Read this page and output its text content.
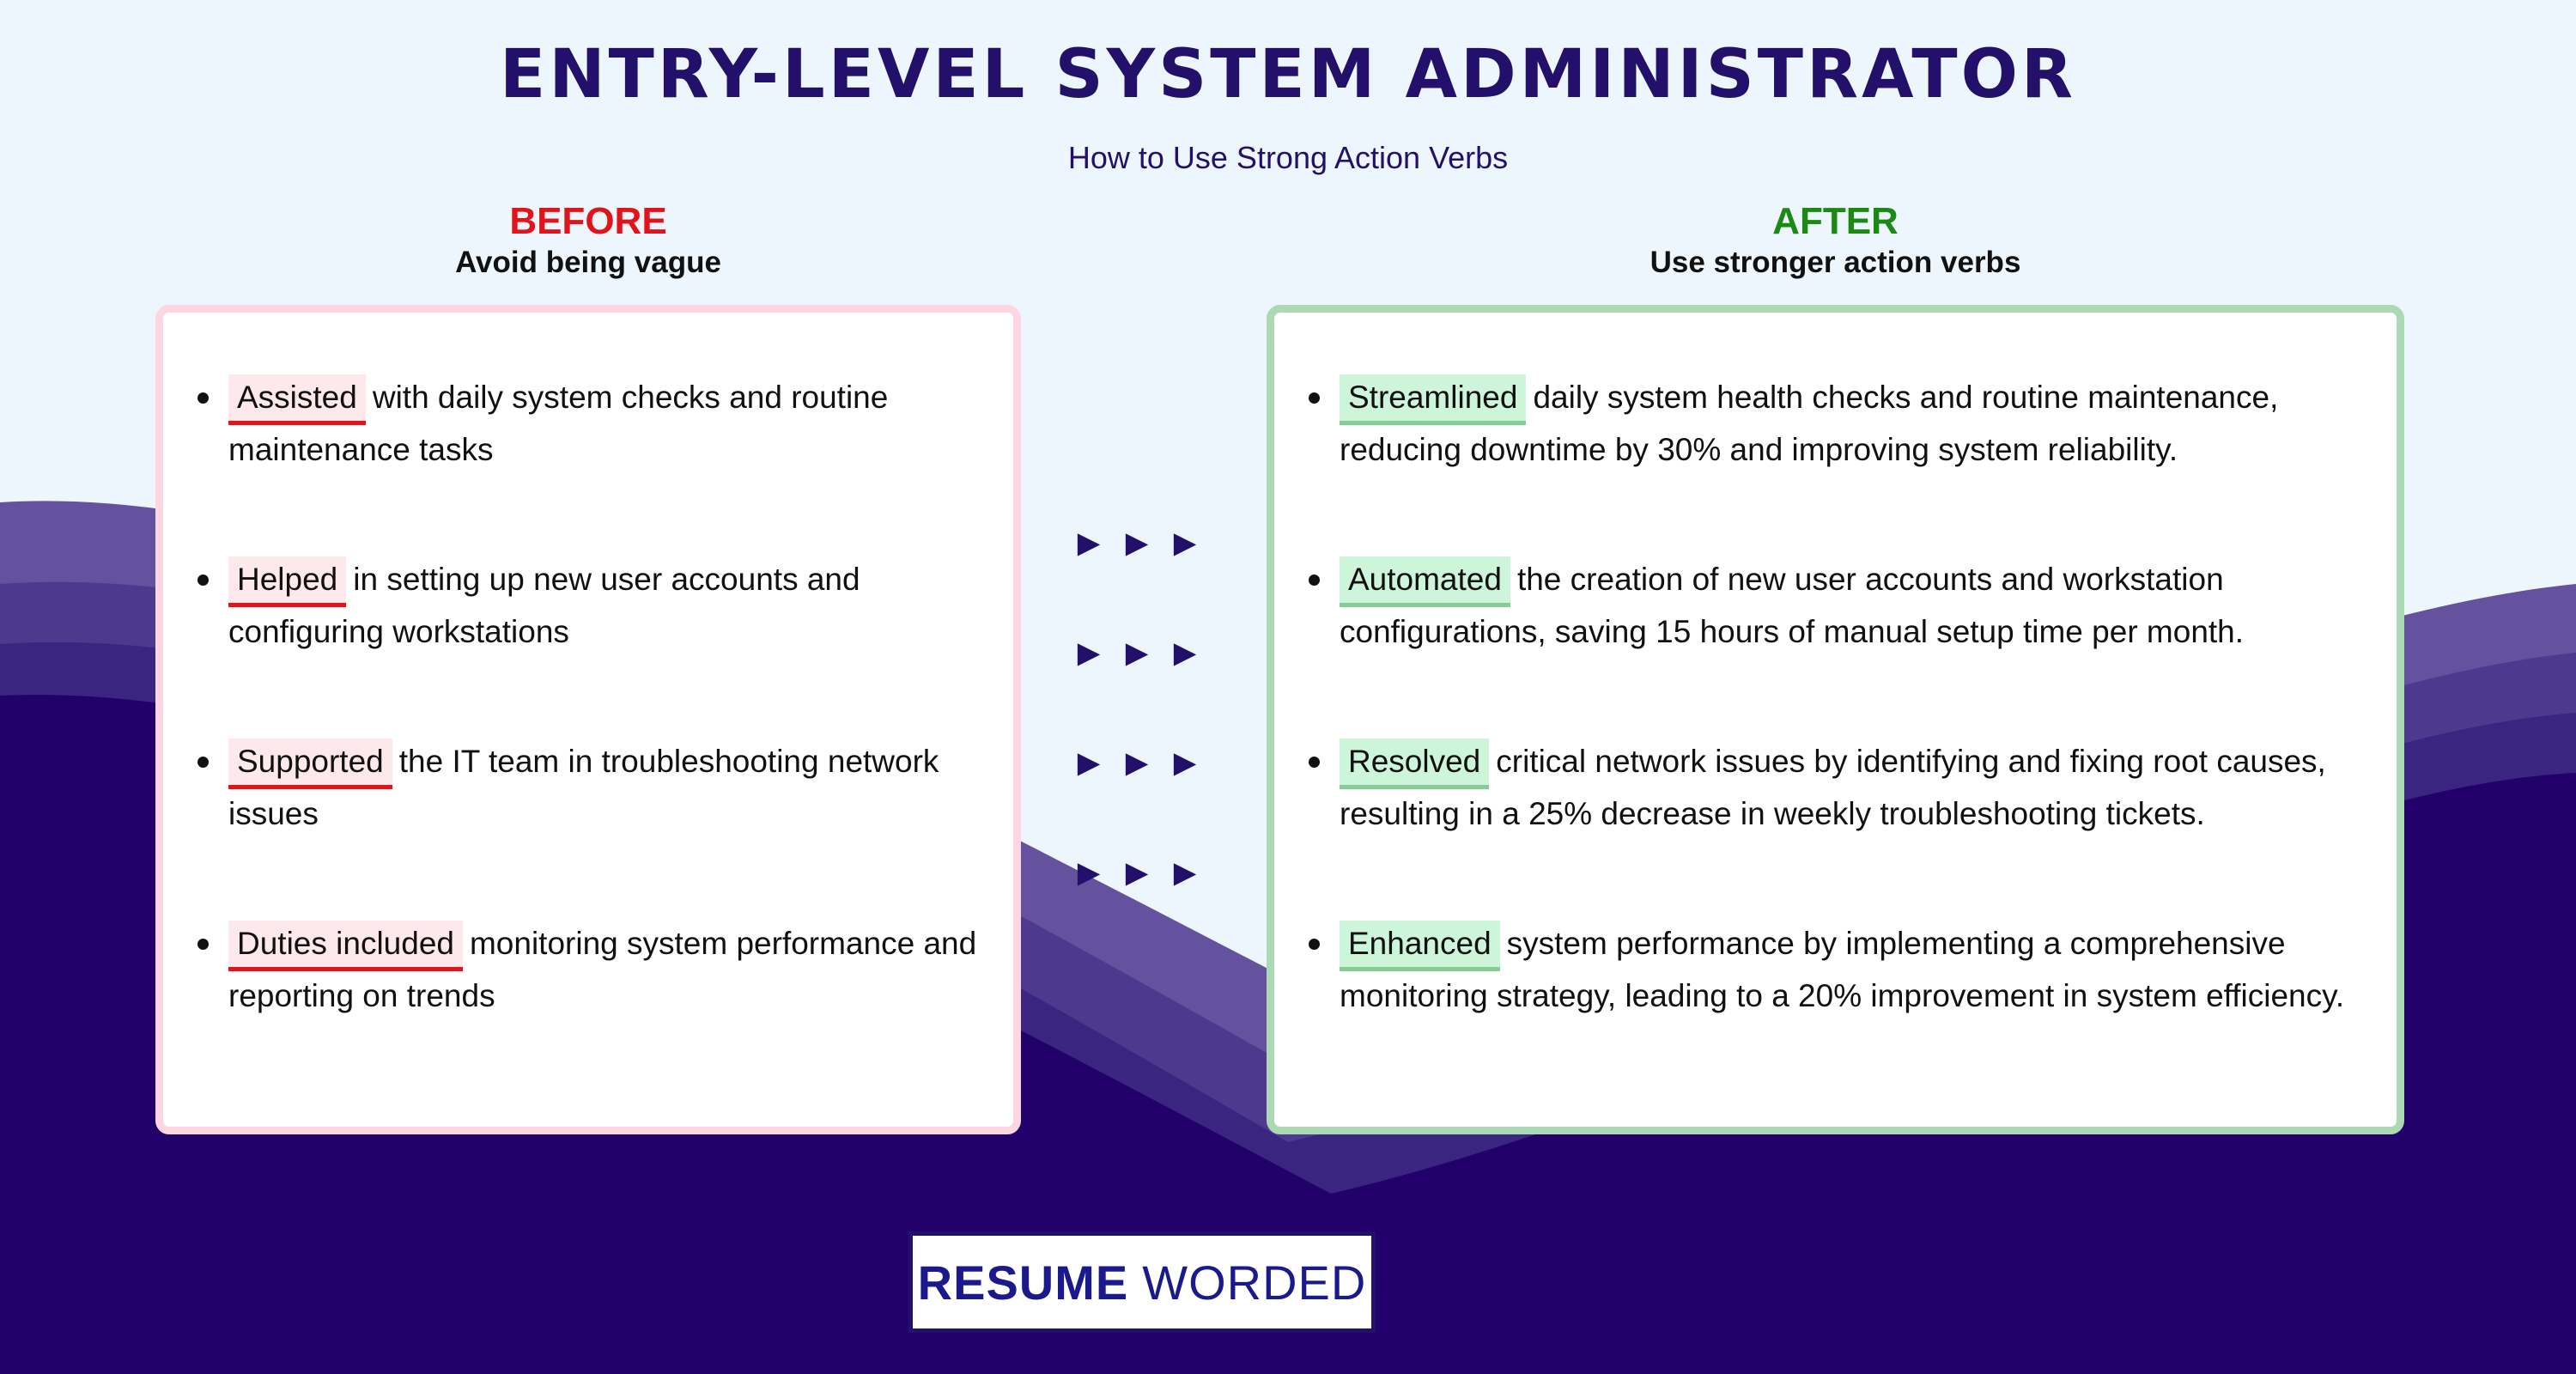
ENTRY-LEVEL SYSTEM ADMINISTRATOR
How to Use Strong Action Verbs
BEFORE
Avoid being vague
AFTER
Use stronger action verbs
Assisted with daily system checks and routine maintenance tasks
Helped in setting up new user accounts and configuring workstations
Supported the IT team in troubleshooting network issues
Duties included monitoring system performance and reporting on trends
► ► ►
► ► ►
► ► ►
► ► ►
Streamlined daily system health checks and routine maintenance, reducing downtime by 30% and improving system reliability.
Automated the creation of new user accounts and workstation configurations, saving 15 hours of manual setup time per month.
Resolved critical network issues by identifying and fixing root causes, resulting in a 25% decrease in weekly troubleshooting tickets.
Enhanced system performance by implementing a comprehensive monitoring strategy, leading to a 20% improvement in system efficiency.
RESUME WORDED
